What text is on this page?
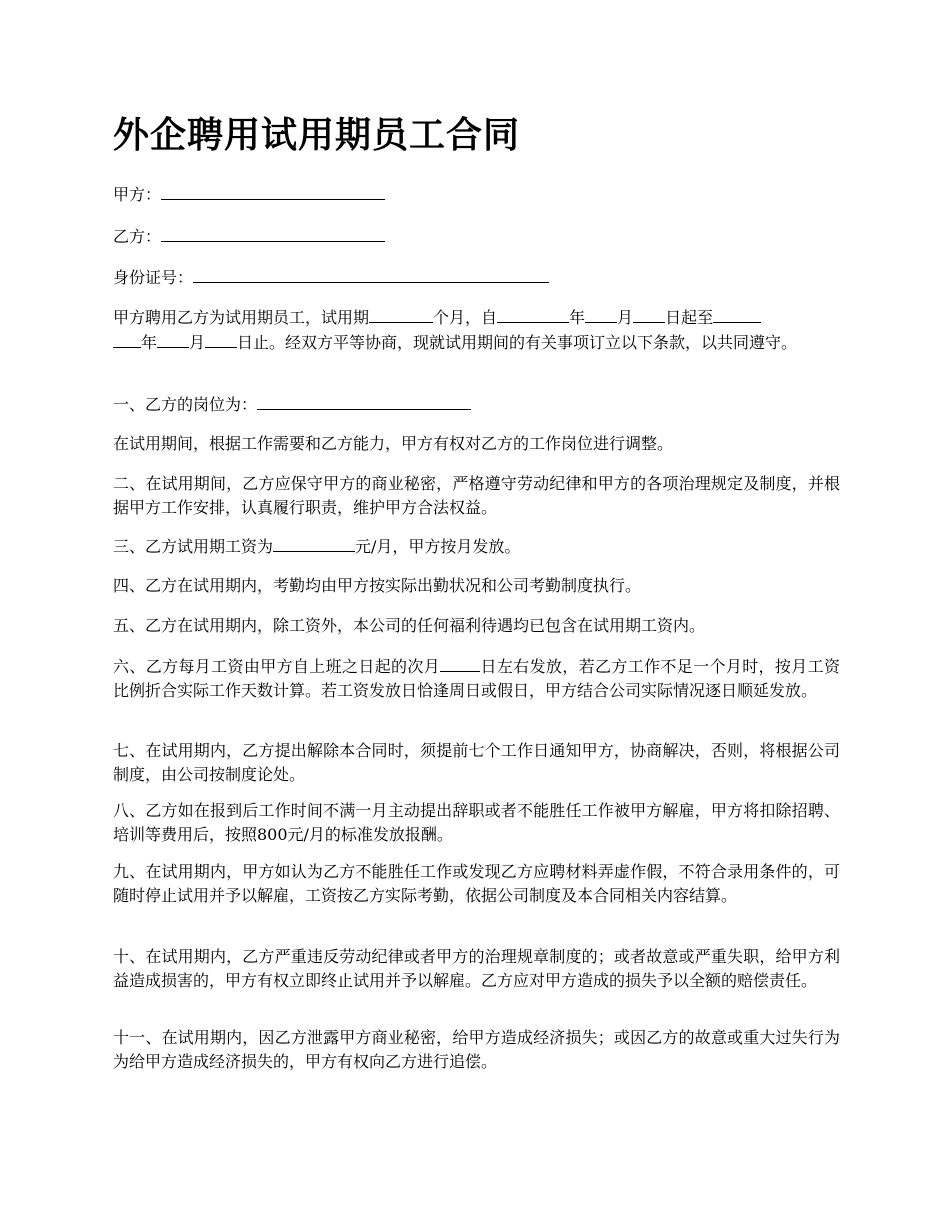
外企聘用试用期员工合同
甲方：
乙方：
身份证号：
甲方聘用乙方为试用期员工，试用期	个月，自	年 月 日起至
年 月 日止。经双方平等协商，现就试用期间的有关事项订立以下条款，以共同遵守。
一、乙方的岗位为：
在试用期间，根据工作需要和乙方能力，甲方有权对乙方的工作岗位进行调整。
二、在试用期间，乙方应保守甲方的商业秘密，严格遵守劳动纪律和甲方的各项治理规定及制度，并根据甲方工作安排，认真履行职责，维护甲方合法权益。
三、乙方试用期工资为	元/月，甲方按月发放。
四、乙方在试用期内，考勤均由甲方按实际出勤状况和公司考勤制度执行。
五、乙方在试用期内，除工资外，本公司的任何福利待遇均已包含在试用期工资内。
六、乙方每月工资由甲方自上班之日起的次月	日左右发放，若乙方工作不足一个月时，按月工资比例折合实际工作天数计算。若工资发放日恰逢周日或假日，甲方结合公司实际情况逐日顺延发放。
七、在试用期内，乙方提出解除本合同时，须提前七个工作日通知甲方，协商解决，否则，将根据公司制度，由公司按制度论处。
八、乙方如在报到后工作时间不满一月主动提出辞职或者不能胜任工作被甲方解雇，甲方将扣除招聘、培训等费用后，按照800元/月的标准发放报酬。
九、在试用期内，甲方如认为乙方不能胜任工作或发现乙方应聘材料弄虚作假，不符合录用条件的，可随时停止试用并予以解雇，工资按乙方实际考勤，依据公司制度及本合同相关内容结算。
十、在试用期内，乙方严重违反劳动纪律或者甲方的治理规章制度的；或者故意或严重失职，给甲方利益造成损害的，甲方有权立即终止试用并予以解雇。乙方应对甲方造成的损失予以全额的赔偿责任。
十一、在试用期内，因乙方泄露甲方商业秘密，给甲方造成经济损失；或因乙方的故意或重大过失行为为给甲方造成经济损失的，甲方有权向乙方进行追偿。
